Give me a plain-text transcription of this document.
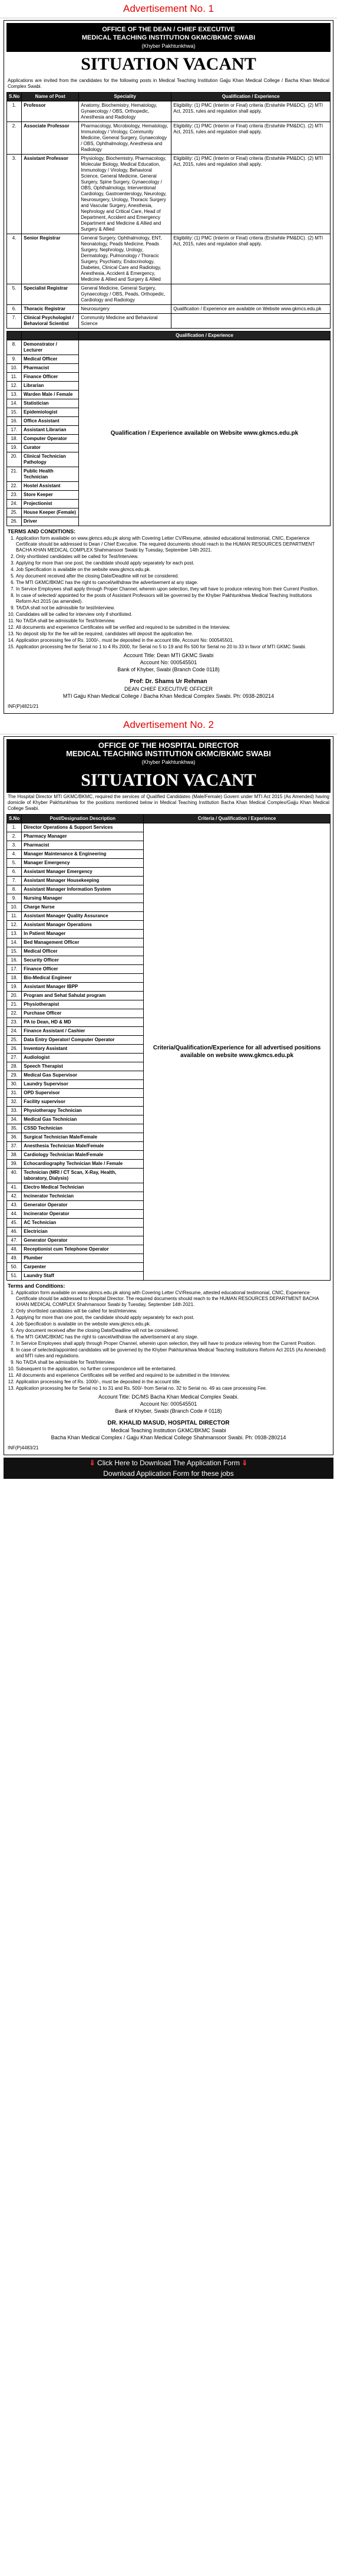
Advertisement No. 1
OFFICE OF THE DEAN / CHIEF EXECUTIVE
MEDICAL TEACHING INSTITUTION GKMC/BKMC SWABI
(Khyber Pakhtunkhwa)
SITUATION VACANT
Applications are invited from the candidates for the following posts in Medical Teaching Institution Gajju Khan Medical College / Bacha Khan Medical Complex Swabi.
S.No	Name of Post	Speciality	Qualification / Experience
1.	Professor	Anatomy, Biochemistry, Hematology, Gynaecology / OBS, Orthopedic, Anesthesia and Radiology	Eligibility: (1) PMC (Interim or Final) criteria (Erstwhile PM&DC). (2) MTI Act, 2015, rules and regulation shall apply.
2.	Associate Professor	Pharmacology, Microbiology, Hematology, Immunology / Virology, Community Medicine, General Surgery, Gynaecology / OBS, Ophthalmology, Anesthesia and Radiology	Eligibility: (1) PMC (Interim or Final) criteria (Erstwhile PM&DC). (2) MTI Act, 2015, rules and regulation shall apply.
3.	Assistant Professor	Physiology, Biochemistry, Pharmacology, Molecular Biology, Medical Education, Immunology / Virology, Behavioral Science, General Medicine, General Surgery, Spine Surgery, Gynaecology / OBS, Ophthalmology, Interventional Cardiology, Gastroenterology, Neurology, Neurosurgery, Urology, Thoracic Surgery and Vascular Surgery, Anesthesia, Nephrology and Critical Care, Head of Department, Accident and Emergency Department and Medicine & Allied and Surgery & Allied	Eligibility: (1) PMC (Interim or Final) criteria (Erstwhile PM&DC). (2) MTI Act, 2015, rules and regulation shall apply.
4.	Senior Registrar	General Surgery, Ophthalmology, ENT, Neonatology, Peads Medicine, Peads Surgery, Nephrology, Urology, Dermatology, Pulmonology / Thoracic Surgery, Psychiatry, Endocrinology, Diabetes, Clinical Care and Radiology, Anesthesia, Accident & Emergency, Medicine & Allied and Surgery & Allied	Eligibility: (1) PMC (Interim or Final) criteria (Erstwhile PM&DC). (2) MTI Act, 2015, rules and regulation shall apply.
5.	Specialist Registrar	General Medicine, General Surgery, Gynaecology / OBS, Peads, Orthopedic, Cardiology and Radiology	
6.	Thoracic Registrar	Neurosurgery	Qualification / Experience are available on Website www.gkmcs.edu.pk
7.	Clinical Psychologist / Behavioral Scientist	Community Medicine and Behavioral Science	
		Qualification / Experience
8.	Demonstrator / Lecturer	Qualification / Experience available on Website www.gkmcs.edu.pk
9.	Medical Officer	
10.	Pharmacist	
11.	Finance Officer	
12.	Librarian	
13.	Warden Male / Female	
14.	Statistician	
15.	Epidemiologist	
16.	Office Assistant	
17.	Assistant Librarian	
18.	Computer Operator	
19.	Curator	
20.	Clinical Technician Pathology	
21.	Public Health Technician	
22.	Hostel Assistant	
23.	Store Keeper	
24.	Projectionist	
25.	House Keeper (Female)	
26.	Driver	
TERMS AND CONDITIONS:
1. Application form available on www.gkmcs.edu.pk along with Covering Letter CV/Resume, attested educational testimonial, CNIC, Experience Certificate should be addressed to Dean / Chief Executive. The required documents should reach to the HUMAN RESOURCES DEPARTMENT BACHA KHAN MEDICAL COMPLEX Shahmansoor Swabi by Tuesday, September 14th 2021.
2. Only shortlisted candidates will be called for Test/Interview.
3. Applying for more than one post, the candidate should apply separately for each post.
4. Job Specification is available on the website www.gkmcs.edu.pk.
5. Any document received after the closing Date/Deadline will not be considered.
6. The MTI GKMC/BKMC has the right to cancel/withdraw the advertisement at any stage.
7. In Service Employees shall apply through Proper Channel, wherein upon selection, they will have to produce relieving from their Current Position.
8. In case of selected/ appointed for the posts of Assistant Professors will be governed by the Khyber Pakhtunkhwa Medical Teaching Institutions Reform Act 2015 (as amended).
9. TA/DA shall not be admissible for test/interview.
10. Candidates will be called for interview only if shortlisted.
11. No TA/DA shall be admissible for Test/Interview.
12. All documents and experience Certificates will be verified and required to be submitted in the Interview.
13. No deposit slip for the fee will be required, candidates will deposit the application fee.
14. Application processing fee of Rs. 1000/-, must be deposited in the account title, Account No: 000545501.
15. Application processing fee for Serial no 1 to 4 Rs 2000, for Serial no 5 to 19 and Rs 500 for Serial no 20 to 33 in favor of MTI GKMC Swabi.
Account Title: Dean MTI GKMC Swabi
Account No: 000545501
Bank of Khyber, Swabi (Branch Code 0118)
Prof: Dr. Shams Ur Rehman
DEAN CHIEF EXECUTIVE OFFICER
MTI Gajju Khan Medical College / Bacha Khan Medical Complex Swabi. Ph: 0938-280214
INF(P)4821/21
Advertisement No. 2
OFFICE OF THE HOSPITAL DIRECTOR
MEDICAL TEACHING INSTITUTION GKMC/BKMC SWABI
(Khyber Pakhtunkhwa)
SITUATION VACANT
The Hospital Director MTI GKMC/BKMC, required the services of Qualified Candidates (Male/Female) Govern under MTI Act 2015 (As Amended) having domicile of Khyber Pakhtunkhwa for the positions mentioned below in Medical Teaching Institution Bacha Khan Medical Complex/Gajju Khan Medical College Swabi.
S.No	Post/Designation Description	Criteria / Qualification / Experience
1.	Director Operations & Support Services	Criteria/Qualification/Experience for all advertised positions available on website www.gkmcs.edu.pk
2.	Pharmacy Manager	
3.	Pharmacist	
4.	Manager Maintenance & Engineering	
5.	Manager Emergency	
6.	Assistant Manager Emergency	
7.	Assistant Manager Housekeeping	
8.	Assistant Manager Information System	
9.	Nursing Manager	
10.	Charge Nurse	
11.	Assistant Manager Quality Assurance	
12.	Assistant Manager Operations	
13.	In Patient Manager	
14.	Bed Management Officer	
15.	Medical Officer	
16.	Security Officer	
17.	Finance Officer	
18.	Bio-Medical Engineer	
19.	Assistant Manager IBPP	
20.	Program and Sehat Sahulat program	
21.	Physiotherapist	
22.	Purchase Officer	
23.	PA to Dean, HD & MD	
24.	Finance Assistant / Cashier	
25.	Data Entry Operator/ Computer Operator	
26.	Inventory Assistant	
27.	Audiologist	
28.	Speech Therapist	
29.	Medical Gas Supervisor	
30.	Laundry Supervisor	
31.	OPD Supervisor	
32.	Facility supervisor	
33.	Physiotherapy Technician	
34.	Medical Gas Technician	
35.	CSSD Technician	
36.	Surgical Technician Male/Female	
37.	Anesthesia Technician Male/Female	
38.	Cardiology Technician Male/Female	
39.	Echocardiography Technician Male / Female	
40.	Technician (MRI / CT Scan, X-Ray, Health, laboratory, Dialysis)	
41.	Electro Medical Technician	
42.	Incinerator Technician	
43.	Generator Operator	
44.	Incinerator Operator	
45.	AC Technician	
46.	Electrician	
47.	Generator Operator	
48.	Receptionist cum Telephone Operator	
49.	Plumber	
50.	Carpenter	
51.	Laundry Staff	
Terms and Conditions:
1. Application form available on www.gkmcs.edu.pk along with Covering Letter CV/Resume, attested educational testimonial, CNIC, Experience Certificate should be addressed to Hospital Director. The required documents should reach to the HUMAN RESOURCES DEPARTMENT BACHA KHAN MEDICAL COMPLEX Shahmansoor Swabi by Tuesday, September 14th 2021.
2. Only shortlisted candidates will be called for test/interview.
3. Applying for more than one post, the candidate should apply separately for each post.
4. Job Specification is available on the website www.gkmcs.edu.pk.
5. Any document received after the closing Date/Deadline will not be considered.
6. The MTI GKMC/BKMC has the right to cancel/withdraw the advertisement at any stage.
7. In Service Employees shall apply through Proper Channel, wherein upon selection, they will have to produce relieving from the Current Position.
8. In case of selected/appointed candidates will be governed by the Khyber Pakhtunkhwa Medical Teaching Institutions Reform Act 2015 (As Amended) and MTI rules and regulations.
9. No TA/DA shall be admissible for Test/Interview.
10. Subsequent to the application, no further correspondence will be entertained.
11. All documents and experience Certificates will be verified and required to be submitted in the Interview.
12. Application processing fee of Rs. 1000/-, must be deposited in the account title.
13. Application processing fee for Serial no 1 to 31 and Rs. 500/- from Serial no. 32 to Serial no. 49 as case processing Fee.
Account Title: DC/MS Bacha Khan Medical Complex Swabi.
Account No: 000545501
Bank of Khyber, Swabi (Branch Code # 0118)
DR. KHALID MASUD, HOSPITAL DIRECTOR
Medical Teaching Institution GKMC/BKMC Swabi
Bacha Khan Medical Complex / Gajju Khan Medical College Shahmansoor Swabi. Ph: 0938-280214
INF(P)4483/21
⇓ Click Here to Download The Application Form ⇓
Download Application Form for these jobs
